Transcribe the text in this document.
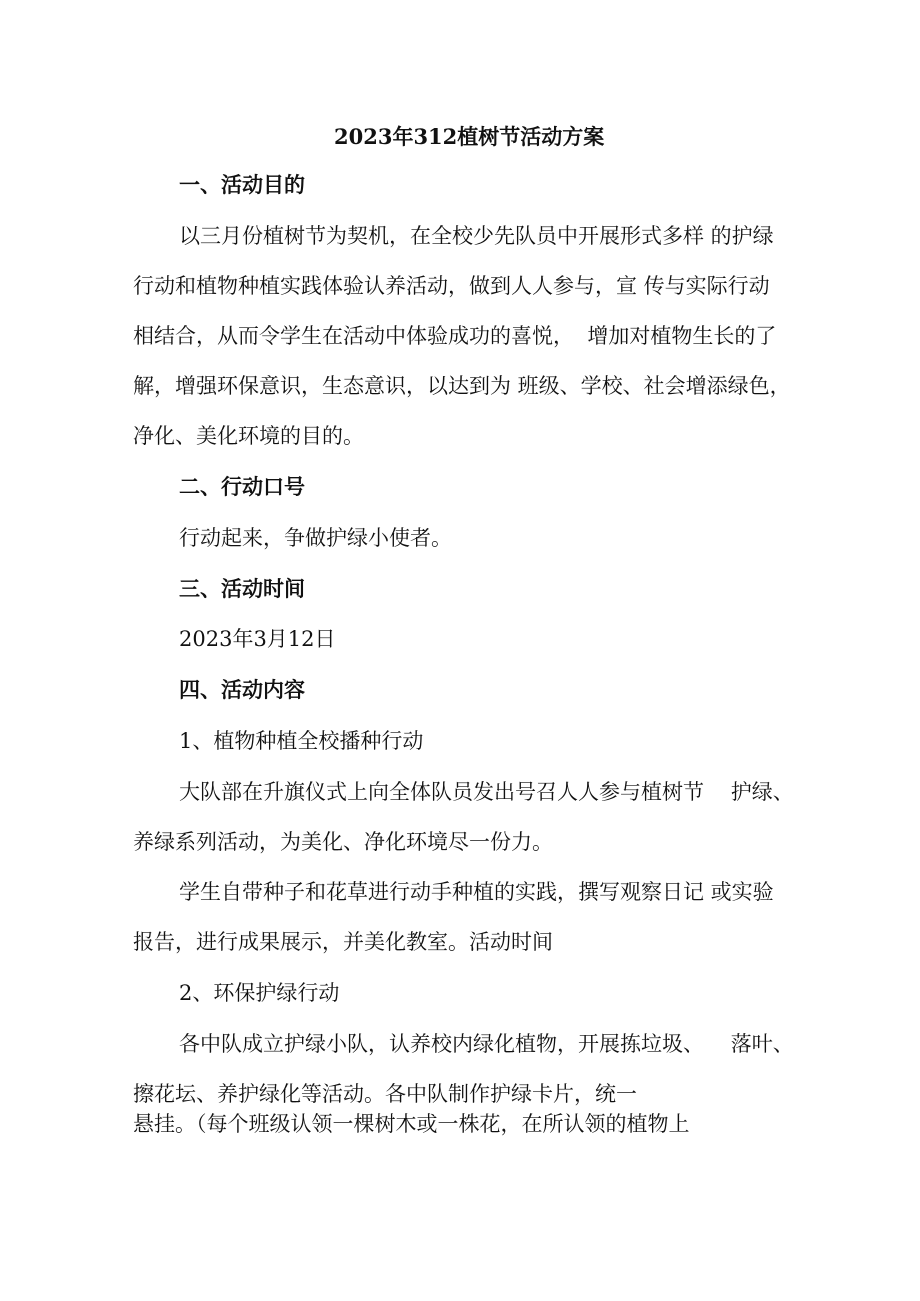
2023年312植树节活动方案
一、活动目的
以三月份植树节为契机，在全校少先队员中开展形式多样 的护绿
行动和植物种植实践体验认养活动，做到人人参与，宣 传与实际行动
相结合，从而令学生在活动中体验成功的喜悦，  增加对植物生长的了
解，增强环保意识，生态意识，以达到为 班级、学校、社会增添绿色，
净化、美化环境的目的。
二、行动口号
行动起来，争做护绿小使者。
三、活动时间
2023年3月12日
四、活动内容
1、植物种植全校播种行动
大队部在升旗仪式上向全体队员发出号召人人参与植树节    护绿、
养绿系列活动，为美化、净化环境尽一份力。
学生自带种子和花草进行动手种植的实践，撰写观察日记 或实验
报告，进行成果展示，并美化教室。活动时间
2、环保护绿行动
各中队成立护绿小队，认养校内绿化植物，开展拣垃圾、    落叶、
擦花坛、养护绿化等活动。各中队制作护绿卡片，统一
悬挂。（每个班级认领一棵树木或一株花，在所认领的植物上
